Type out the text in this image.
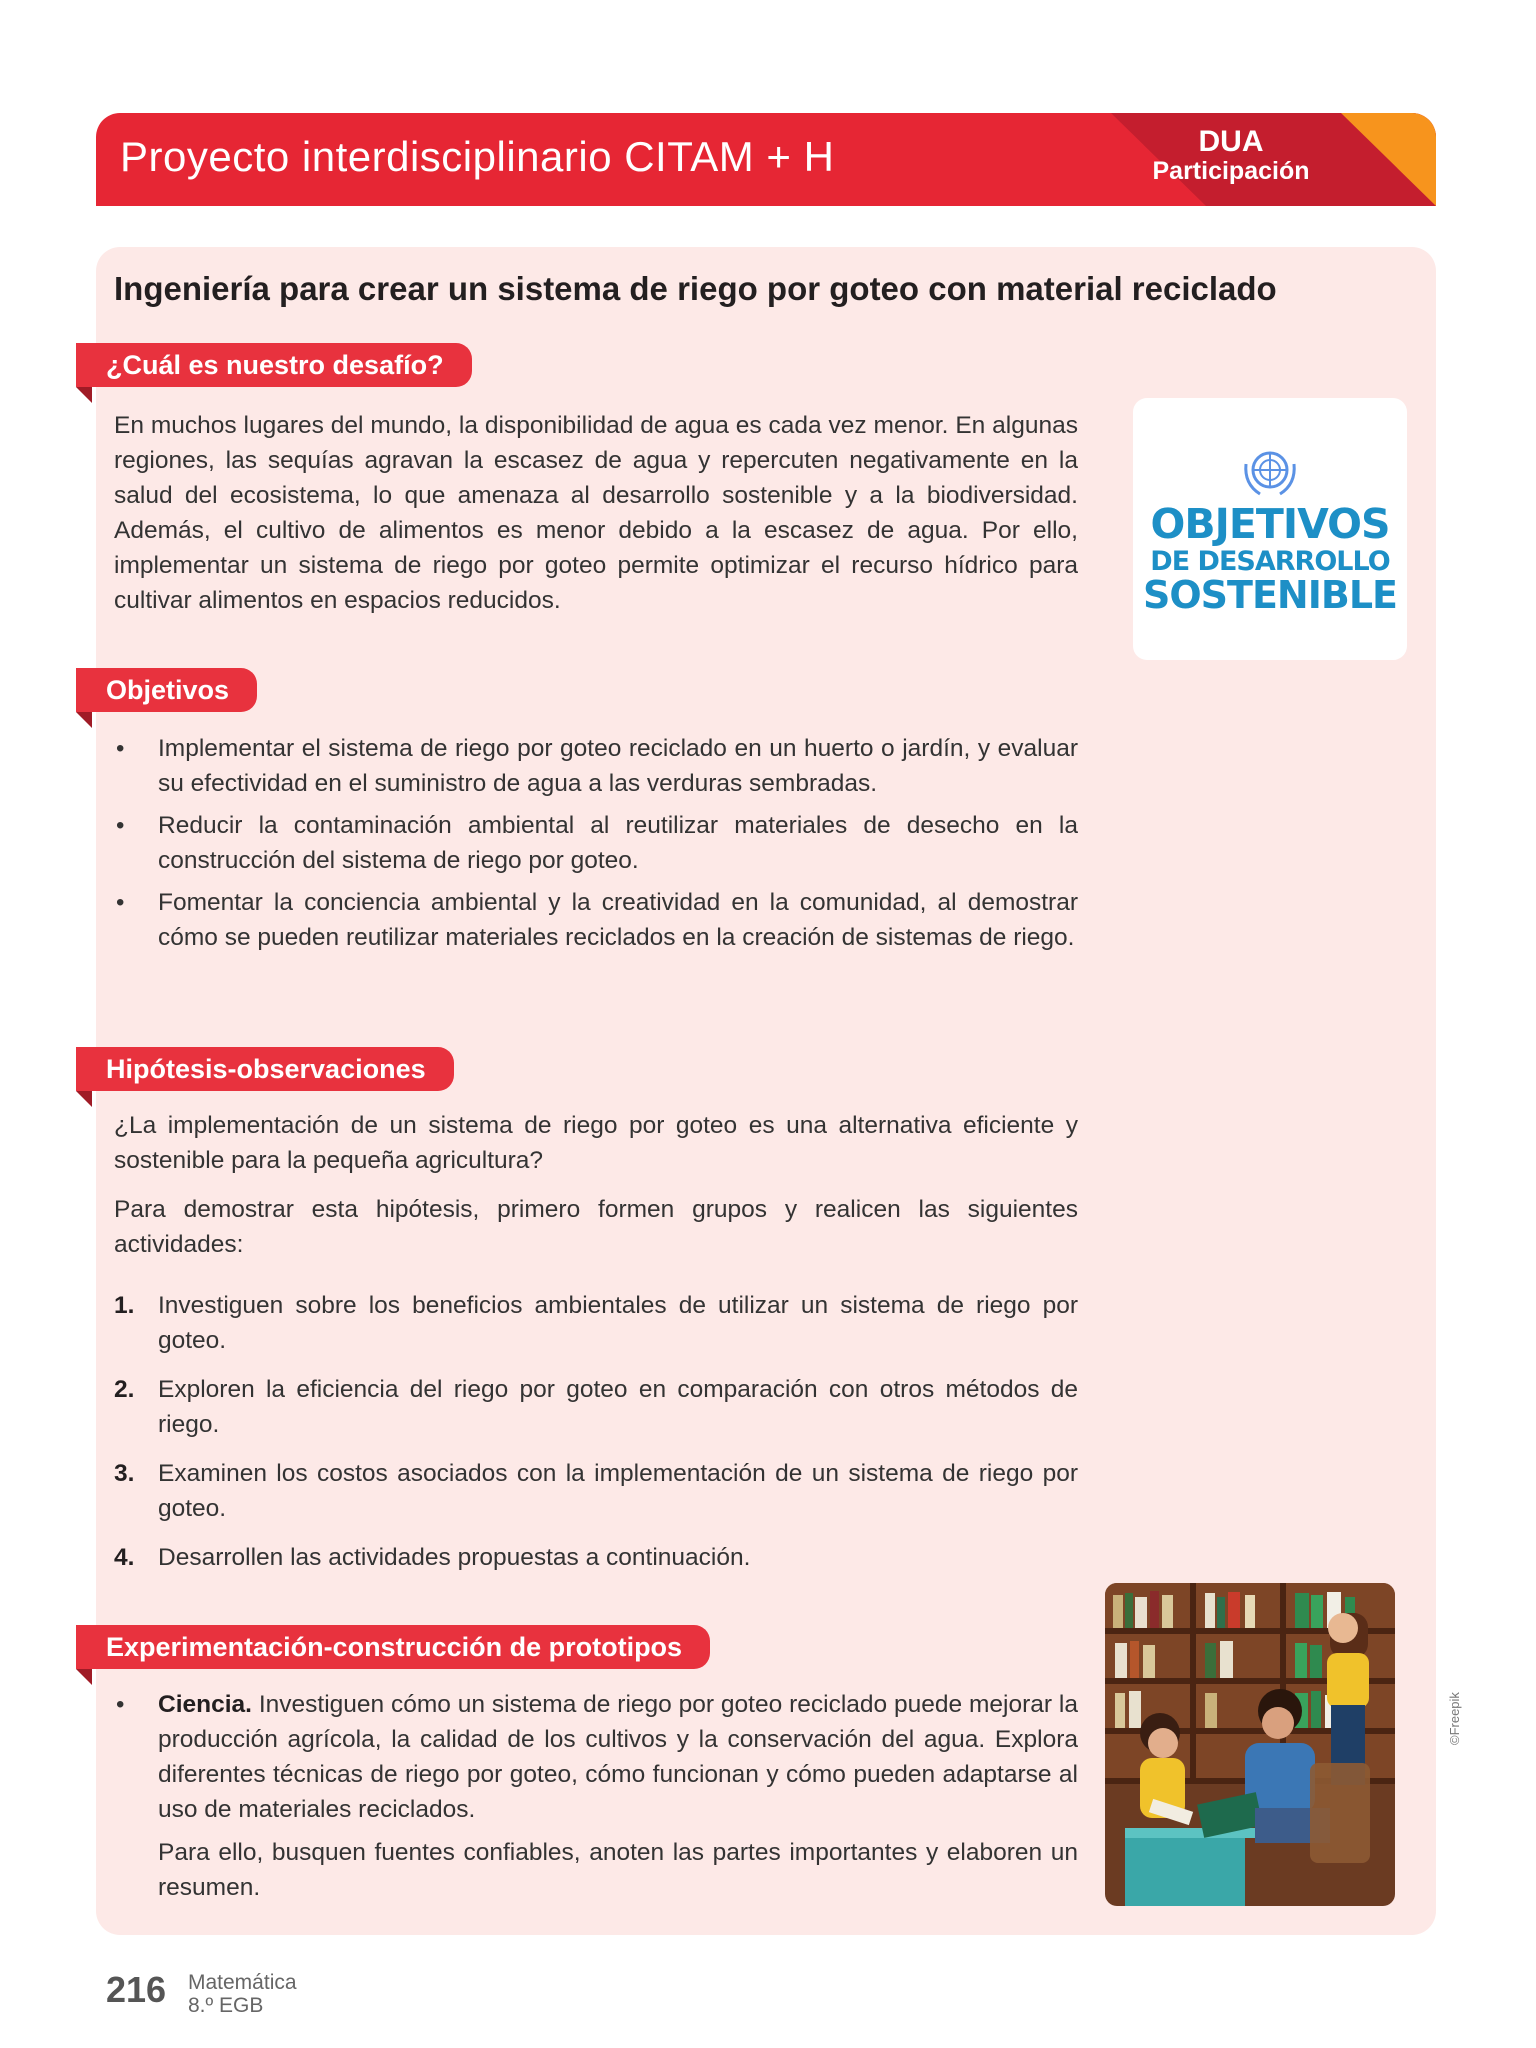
Proyecto interdisciplinario CITAM + H	DUA
Participación
Ingeniería para crear un sistema de riego por goteo con material reciclado
¿Cuál es nuestro desafío?

En muchos lugares del mundo, la disponibilidad de agua es cada vez menor. En algunas regiones, las sequías agravan la escasez de agua y repercuten negativamente en la salud del ecosistema, lo que amenaza al desarrollo sostenible y a la biodiversidad. Además, el cultivo de alimentos es menor debido a la escasez de agua. Por ello, implementar un sistema de riego por goteo permite optimizar el recurso hídrico para cultivar alimentos en espacios reducidos.

OBJETIVOS
DE DESARROLLO
SOSTENIBLE
Objetivos
• Implementar el sistema de riego por goteo reciclado en un huerto o jardín, y evaluar su efectividad en el suministro de agua a las verduras sembradas.
• Reducir la contaminación ambiental al reutilizar materiales de desecho en la construcción del sistema de riego por goteo.
• Fomentar la conciencia ambiental y la creatividad en la comunidad, al demostrar cómo se pueden reutilizar materiales reciclados en la creación de sistemas de riego.
Hipótesis-observaciones

¿La implementación de un sistema de riego por goteo es una alternativa eficiente y sostenible para la pequeña agricultura?

Para demostrar esta hipótesis, primero formen grupos y realicen las siguientes actividades:

1. Investiguen sobre los beneficios ambientales de utilizar un sistema de riego por goteo.
2. Exploren la eficiencia del riego por goteo en comparación con otros métodos de riego.
3. Examinen los costos asociados con la implementación de un sistema de riego por goteo.
4. Desarrollen las actividades propuestas a continuación.
Experimentación-construcción de prototipos
• Ciencia. Investiguen cómo un sistema de riego por goteo reciclado puede mejorar la producción agrícola, la calidad de los cultivos y la conservación del agua. Explora diferentes técnicas de riego por goteo, cómo funcionan y cómo pueden adaptarse al uso de materiales reciclados.

Para ello, busquen fuentes confiables, anoten las partes importantes y elaboren un resumen.

©Freepik
216 Matemática
8.º EGB
